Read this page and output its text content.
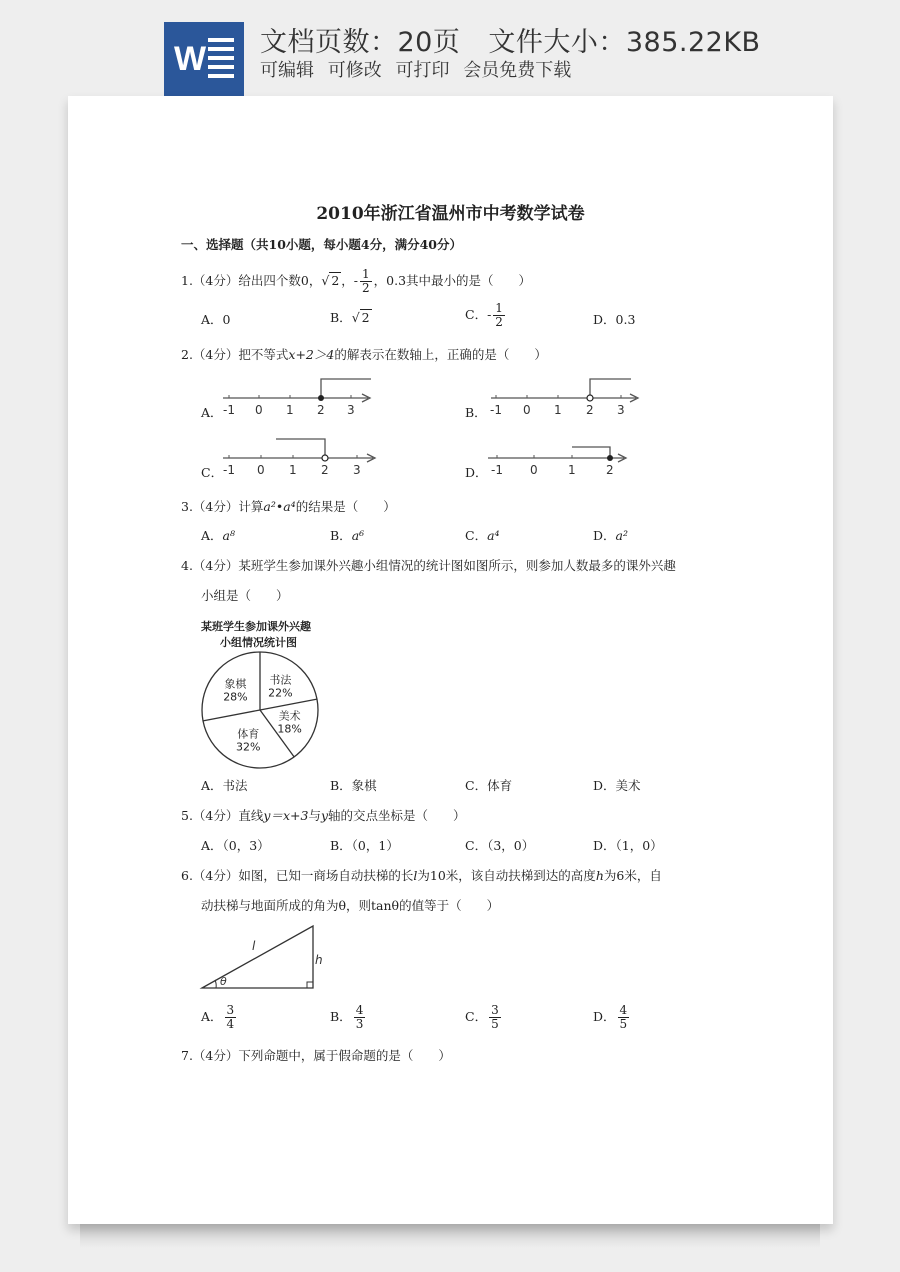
W 文档页数：20页 文件大小：385.22KB
可编辑 可修改 可打印 会员免费下载
2010年浙江省温州市中考数学试卷
一、选择题（共10小题，每小题4分，满分40分）
1.（4分）给出四个数0，√ 2 ，- $\frac{1}{2}$ ，0.3其中最小的是（　　）
A．0	B．√ 2	C．- $\frac{1}{2}$	D．0.3
2.（4分）把不等式x+2＞4的解表示在数轴上，正确的是（　　）
A． -1 0 1 2 3	B． -1 0 1 2 3
C． -1 0 1 2 3	D． -1 0	1	2
3.（4分）计算a²•a⁴的结果是（　　）
A．a⁸	B．a⁶	C．a⁴	D．a²
4.（4分）某班学生参加课外兴趣小组情况的统计图如图所示，则参加人数最多的课外兴趣
小组是（　　）
某班学生参加课外兴趣
小组情况统计图
象棋
28%
书法
22%
美术
18%
体育
32%
A．书法	B．象棋	C．体育	D．美术
5.（4分）直线y＝x+3与y轴的交点坐标是（　　）
A．（0，3）	B．（0，1）	C．（3，0）	D．（1，0）
6.（4分）如图，已知一商场自动扶梯的长l为10米，该自动扶梯到达的高度h为6米，自
动扶梯与地面所成的角为θ，则tanθ的值等于（　　）
l
h
θ
A． $\frac{3}{4}$	B． $\frac{4}{3}$	C． $\frac{3}{5}$	D． $\frac{4}{5}$
7.（4分）下列命题中，属于假命题的是（　　）
